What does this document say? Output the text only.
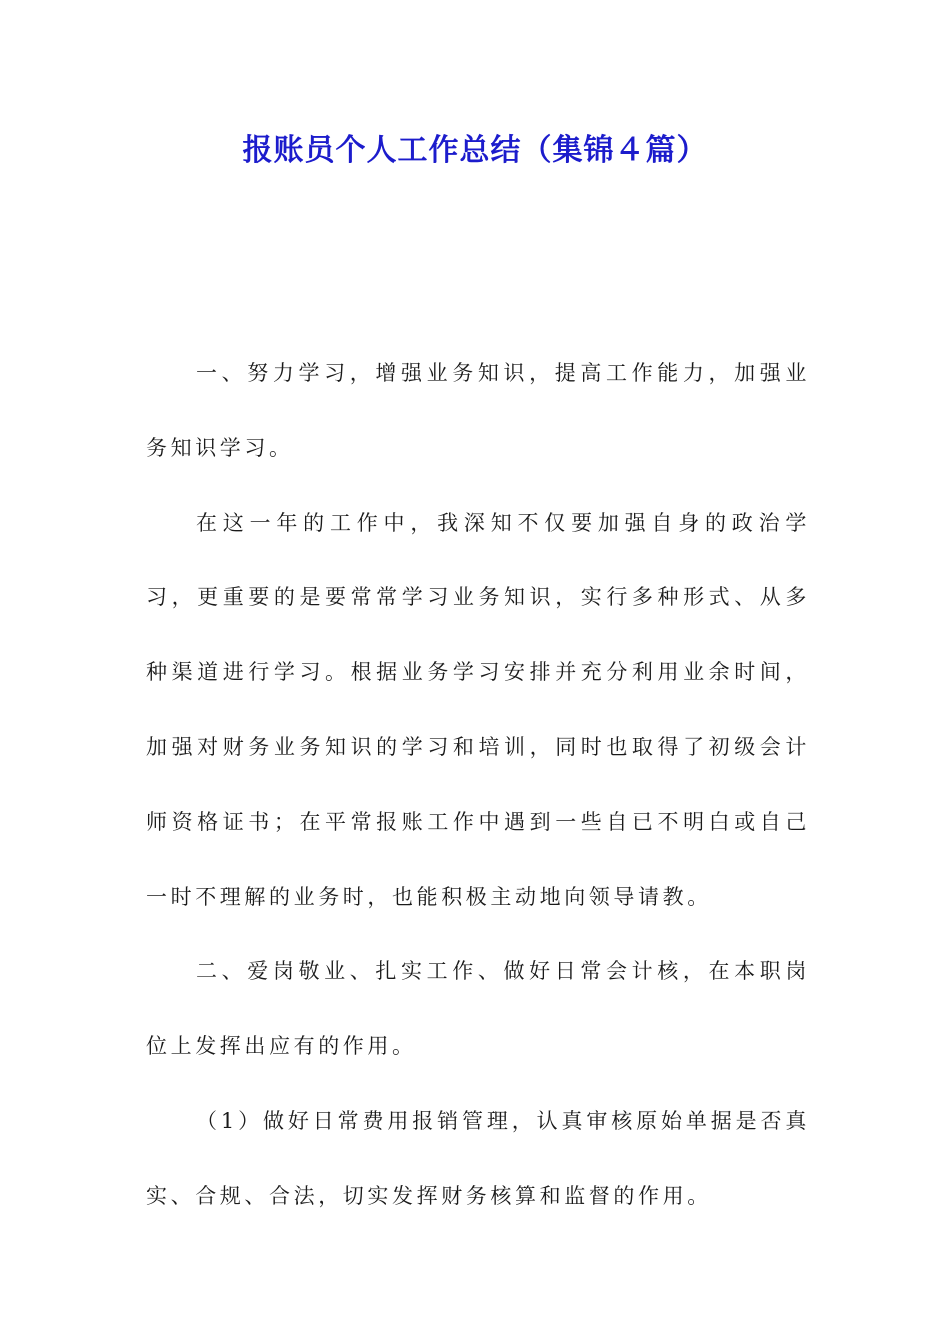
报账员个人工作总结（集锦４篇）

一、努力学习，增强业务知识，提高工作能力，加强业务知识学习。

在这一年的工作中，我深知不仅要加强自身的政治学习，更重要的是要常常学习业务知识，实行多种形式、从多种渠道进行学习。根据业务学习安排并充分利用业余时间，加强对财务业务知识的学习和培训，同时也取得了初级会计师资格证书；在平常报账工作中遇到一些自已不明白或自己一时不理解的业务时，也能积极主动地向领导请教。

二、爱岗敬业、扎实工作、做好日常会计核，在本职岗位上发挥出应有的作用。

（1）做好日常费用报销管理，认真审核原始单据是否真实、合规、合法，切实发挥财务核算和监督的作用。
